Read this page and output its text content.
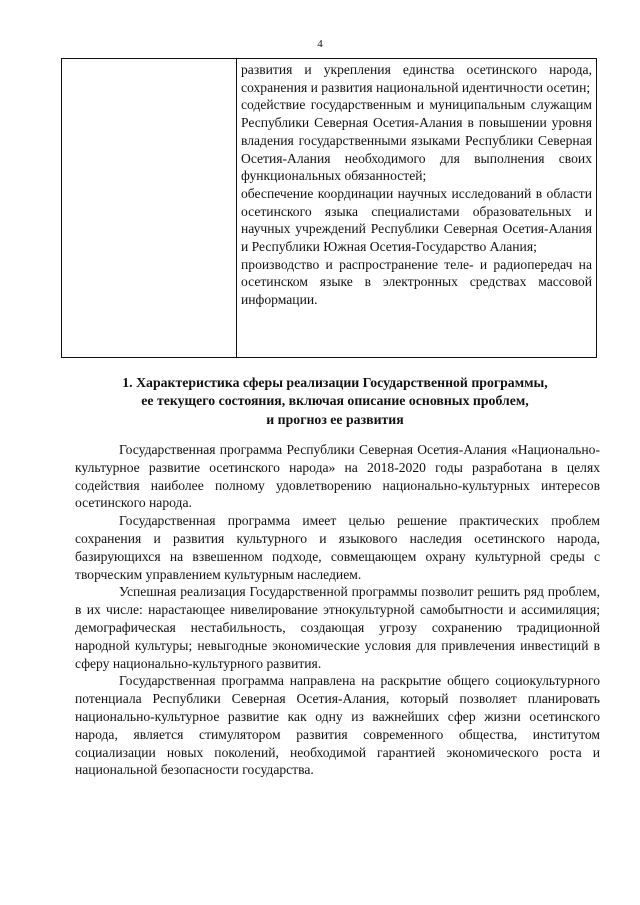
4

развития и укрепления единства осетинского народа, сохранения и развития национальной идентичности осетин;

содействие государственным и муниципальным служащим Республики Северная Осетия-Алания в повышении уровня владения государственными языками Республики Северная Осетия-Алания необходимого для выполнения своих функциональных обязанностей;

обеспечение координации научных исследований в области осетинского языка специалистами образовательных и научных учреждений Республики Северная Осетия-Алания и Республики Южная Осетия-Государство Алания;

производство и распространение теле- и радиопередач на осетинском языке в электронных средствах массовой информации.

1. Характеристика сферы реализации Государственной программы,
ее текущего состояния, включая описание основных проблем,
и прогноз ее развития

Государственная программа Республики Северная Осетия-Алания «Национально-культурное развитие осетинского народа» на 2018-2020 годы разработана в целях содействия наиболее полному удовлетворению национально-культурных интересов осетинского народа.

Государственная программа имеет целью решение практических проблем сохранения и развития культурного и языкового наследия осетинского народа, базирующихся на взвешенном подходе, совмещающем охрану культурной среды с творческим управлением культурным наследием.

Успешная реализация Государственной программы позволит решить ряд проблем, в их числе: нарастающее нивелирование этнокультурной самобытности и ассимиляция; демографическая нестабильность, создающая угрозу сохранению традиционной народной культуры; невыгодные экономические условия для привлечения инвестиций в сферу национально-культурного развития.

Государственная программа направлена на раскрытие общего социокультурного потенциала Республики Северная Осетия-Алания, который позволяет планировать национально-культурное развитие как одну из важнейших сфер жизни осетинского народа, является стимулятором развития современного общества, институтом социализации новых поколений, необходимой гарантией экономического роста и национальной безопасности государства.
